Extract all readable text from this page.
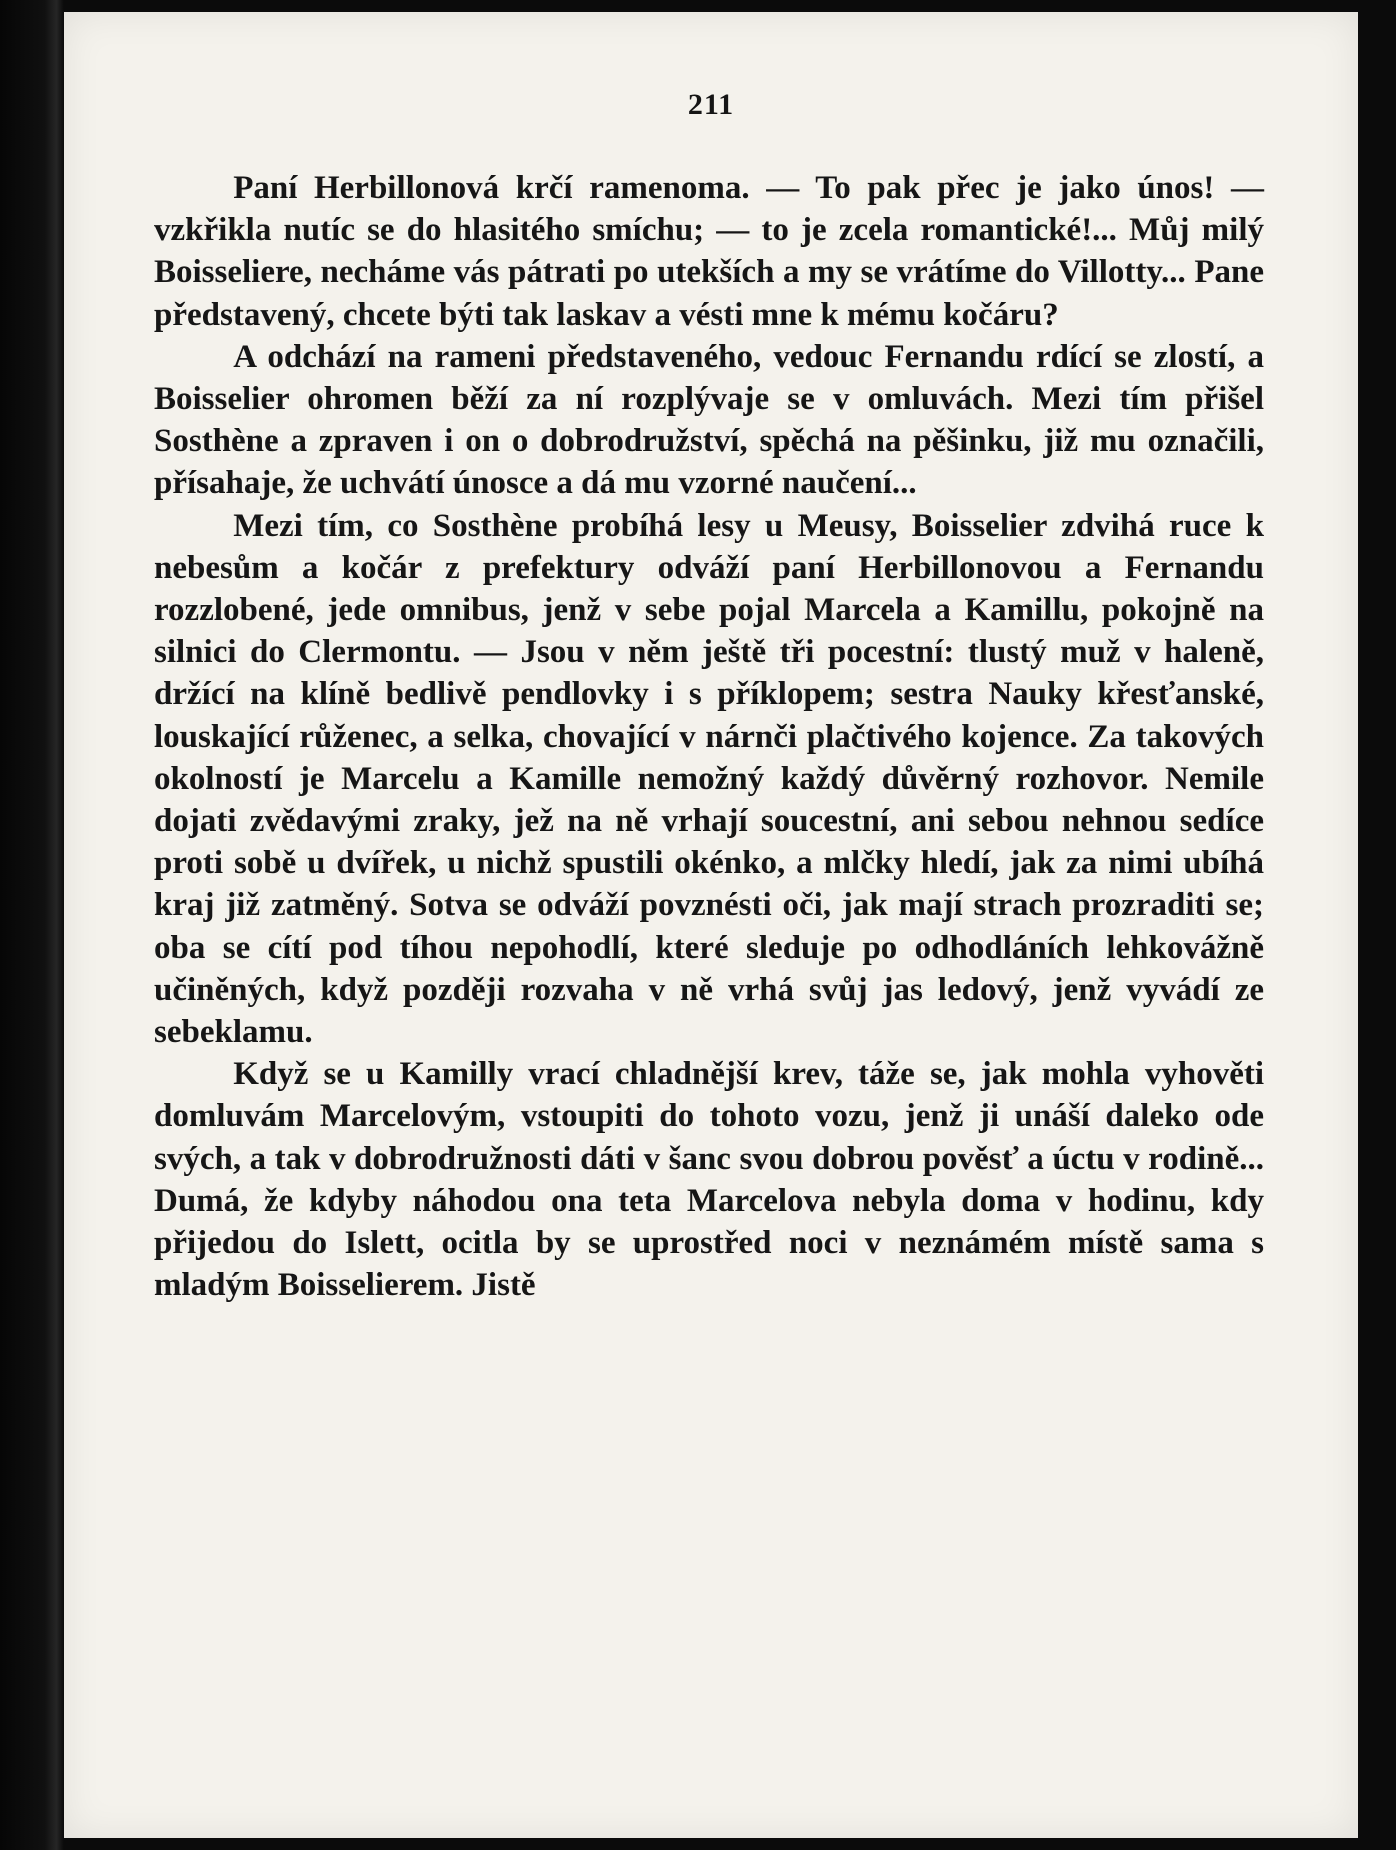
211

Paní Herbillonová krčí ramenoma. — To pak přec je jako únos! — vzkřikla nutíc se do hlasitého smíchu; — to je zcela romantické!... Můj milý Boisseliere, necháme vás pátrati po utekších a my se vrátíme do Villotty... Pane představený, chcete býti tak laskav a vésti mne k mému kočáru?

A odchází na rameni představeného, vedouc Fernandu rdící se zlostí, a Boisselier ohromen běží za ní rozplývaje se v omluvách. Mezi tím přišel Sosthène a zpraven i on o dobrodružství, spěchá na pěšinku, již mu označili, přísahaje, že uchvátí únosce a dá mu vzorné naučení...

Mezi tím, co Sosthène probíhá lesy u Meusy, Boisselier zdvihá ruce k nebesům a kočár z prefektury odváží paní Herbillonovou a Fernandu rozzlobené, jede omnibus, jenž v sebe pojal Marcela a Kamillu, pokojně na silnici do Clermontu. — Jsou v něm ještě tři pocestní: tlustý muž v haleně, držící na klíně bedlivě pendlovky i s příklopem; sestra Nauky křesťanské, louskající růženec, a selka, chovající v nárnči plačtivého kojence. Za takových okolností je Marcelu a Kamille nemožný každý důvěrný rozhovor. Nemile dojati zvědavými zraky, jež na ně vrhají soucestní, ani sebou nehnou sedíce proti sobě u dvířek, u nichž spustili okénko, a mlčky hledí, jak za nimi ubíhá kraj již zatměný. Sotva se odváží povznésti oči, jak mají strach prozraditi se; oba se cítí pod tíhou nepohodlí, které sleduje po odhodláních lehkovážně učiněných, když později rozvaha v ně vrhá svůj jas ledový, jenž vyvádí ze sebeklamu.

Když se u Kamilly vrací chladnější krev, táže se, jak mohla vyhověti domluvám Marcelovým, vstoupiti do tohoto vozu, jenž ji unáší daleko ode svých, a tak v dobrodružnosti dáti v šanc svou dobrou pověsť a úctu v rodině... Dumá, že kdyby náhodou ona teta Marcelova nebyla doma v hodinu, kdy přijedou do Islett, ocitla by se uprostřed noci v neznámém místě sama s mladým Boisselierem. Jistě
